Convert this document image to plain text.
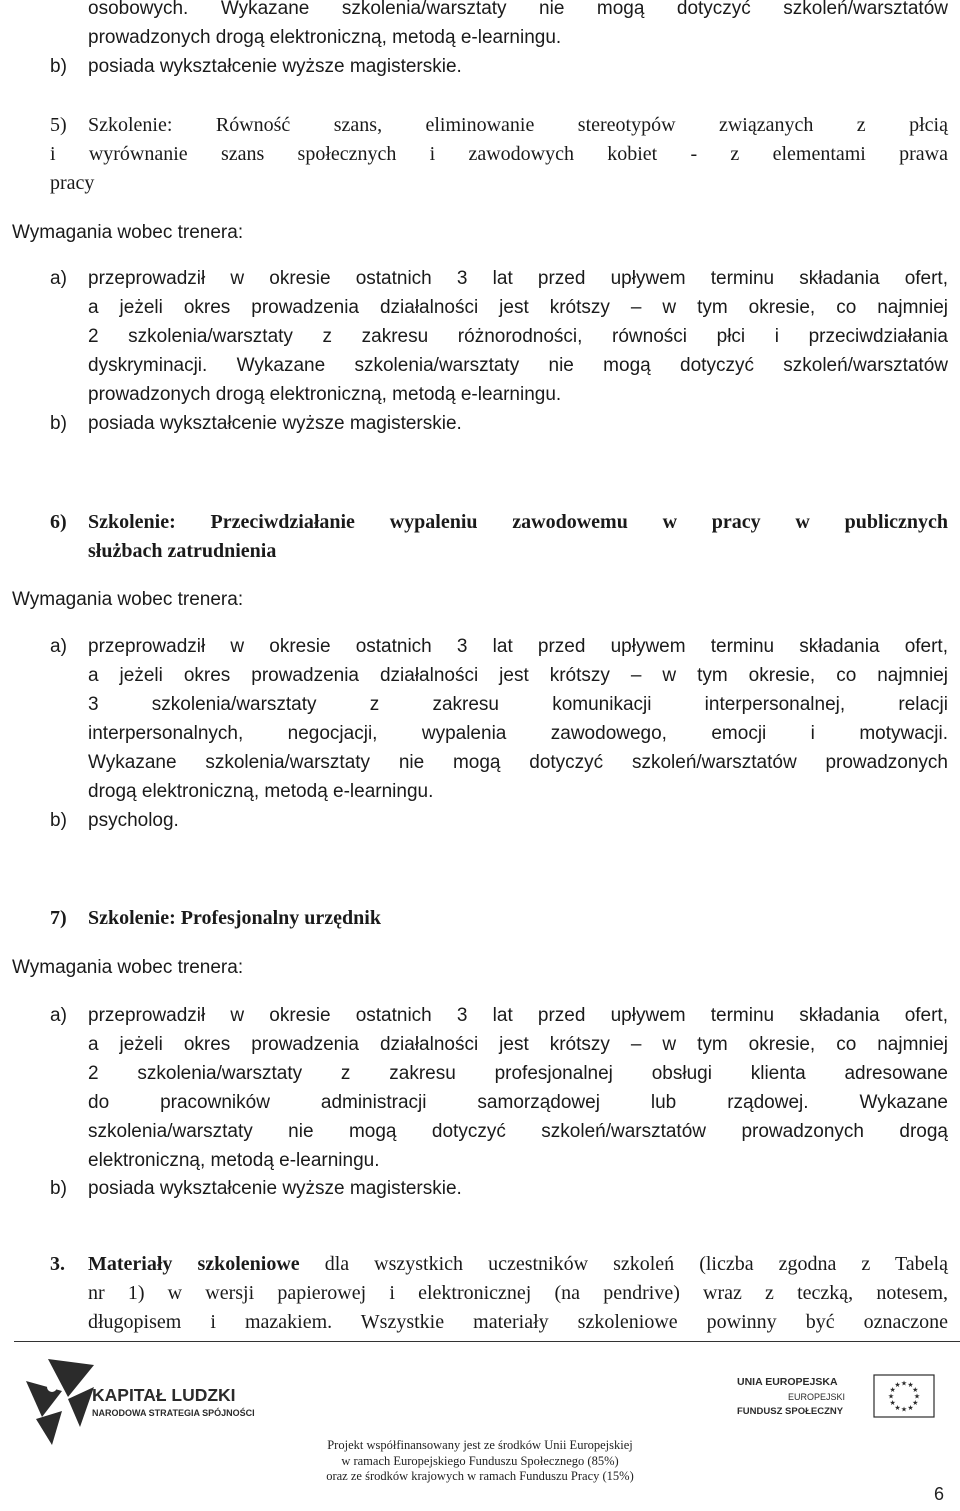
osobowych. Wykazane szkolenia/warsztaty nie mogą dotyczyć szkoleń/warsztatów

prowadzonych drogą elektroniczną, metodą e-learningu.

b) posiada wykształcenie wyższe magisterskie.
5) Szkolenie: Równość szans, eliminowanie stereotypów związanych z płcią

i wyrównanie szans społecznych i zawodowych kobiet - z elementami prawa

pracy

Wymagania wobec trenera:
a) przeprowadził w okresie ostatnich 3 lat przed upływem terminu składania ofert,

a jeżeli okres prowadzenia działalności jest krótszy – w tym okresie, co najmniej

2 szkolenia/warsztaty z zakresu różnorodności, równości płci i przeciwdziałania

dyskryminacji. Wykazane szkolenia/warsztaty nie mogą dotyczyć szkoleń/warsztatów

prowadzonych drogą elektroniczną, metodą e-learningu.

b) posiada wykształcenie wyższe magisterskie.
6) Szkolenie: Przeciwdziałanie wypaleniu zawodowemu w pracy w publicznych

służbach zatrudnienia

Wymagania wobec trenera:
a) przeprowadził w okresie ostatnich 3 lat przed upływem terminu składania ofert,

a jeżeli okres prowadzenia działalności jest krótszy – w tym okresie, co najmniej

3 szkolenia/warsztaty z zakresu komunikacji interpersonalnej, relacji

interpersonalnych, negocjacji, wypalenia zawodowego, emocji i motywacji.

Wykazane szkolenia/warsztaty nie mogą dotyczyć szkoleń/warsztatów prowadzonych

drogą elektroniczną, metodą e-learningu.

b) psycholog.
7) Szkolenie: Profesjonalny urzędnik
Wymagania wobec trenera:
a) przeprowadził w okresie ostatnich 3 lat przed upływem terminu składania ofert,

a jeżeli okres prowadzenia działalności jest krótszy – w tym okresie, co najmniej

2 szkolenia/warsztaty z zakresu profesjonalnej obsługi klienta adresowane

do pracowników administracji samorządowej lub rządowej. Wykazane

szkolenia/warsztaty nie mogą dotyczyć szkoleń/warsztatów prowadzonych drogą

elektroniczną, metodą e-learningu.

b) posiada wykształcenie wyższe magisterskie.
3. Materiały szkoleniowe dla wszystkich uczestników szkoleń (liczba zgodna z Tabelą

nr 1) w wersji papierowej i elektronicznej (na pendrive) wraz z teczką, notesem,

długopisem i mazakiem. Wszystkie materiały szkoleniowe powinny być oznaczone

KAPITAŁ LUDZKI
NARODOWA STRATEGIA SPÓJNOŚCI
UNIA EUROPEJSKA
EUROPEJSKI
FUNDUSZ SPOŁECZNY
★ ★
★
★
★
★
★
★
★
★
★
★
Projekt współfinansowany jest ze środków Unii Europejskiej
w ramach Europejskiego Funduszu Społecznego (85%)
oraz ze środków krajowych w ramach Funduszu Pracy (15%)
6
